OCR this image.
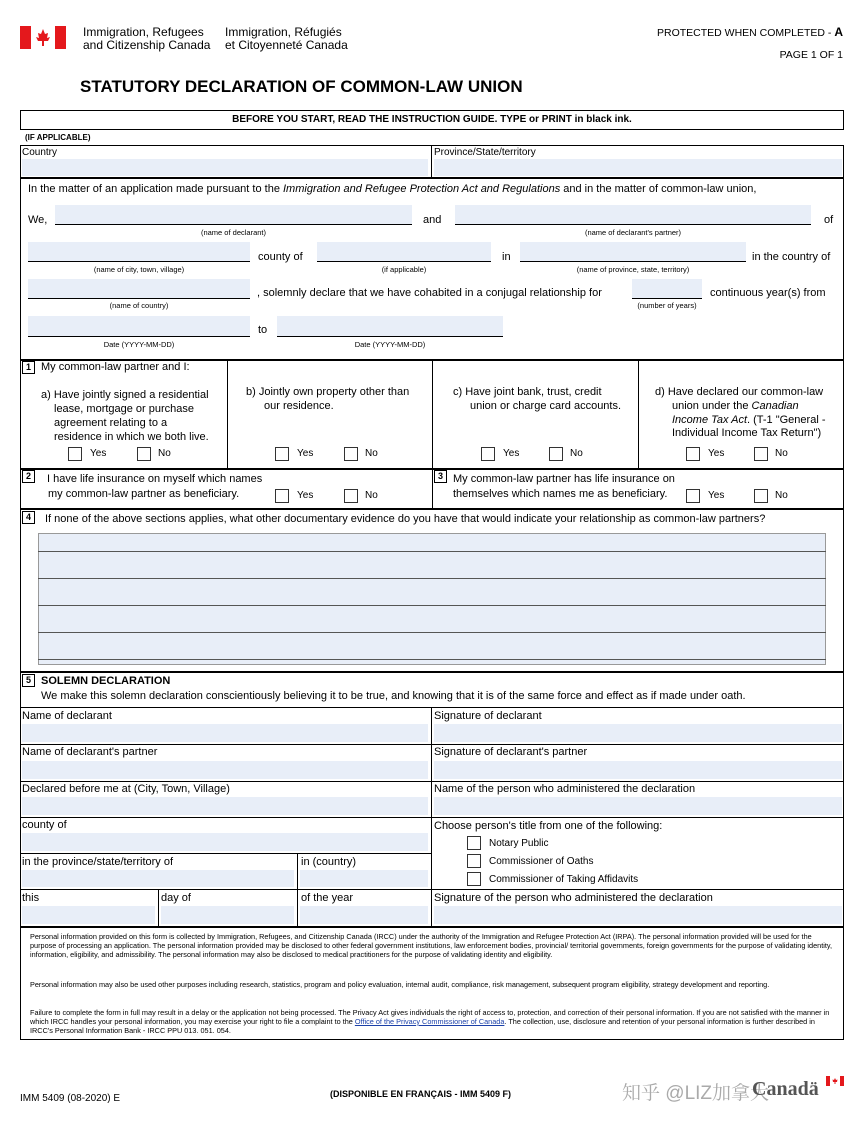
Immigration, Refugees
and Citizenship Canada
Immigration, Réfugiés
et Citoyenneté Canada
PROTECTED WHEN COMPLETED - A
PAGE 1 OF 1
STATUTORY DECLARATION OF COMMON-LAW UNION
BEFORE YOU START, READ THE INSTRUCTION GUIDE. TYPE or PRINT in black ink.
(IF APPLICABLE)
Country	Province/State/territory
In the matter of an application made pursuant to the Immigration and Refugee Protection Act and Regulations and in the matter of common-law union,
We,
(name of declarant)
and
(name of declarant's partner)
of
(name of city, town, village)
county of
(if applicable)
in
(name of province, state, territory)
in the country of
(name of country)
, solemnly declare that we have cohabited in a conjugal relationship for
(number of years)
continuous year(s) from
Date (YYYY-MM-DD)
to
Date (YYYY-MM-DD)
1 My common-law partner and I:
a) Have jointly signed a residential
lease, mortgage or purchase
agreement relating to a
residence in which we both live.
Yes	No
b) Jointly own property other than
our residence.
Yes	No
c) Have joint bank, trust, credit
union or charge card accounts.
Yes	No
d) Have declared our common-law
union under the Canadian
Income Tax Act. (T-1 "General -
Individual Income Tax Return")
Yes	No
2	I have life insurance on myself which names
my common-law partner as beneficiary.	Yes	No
3 My common-law partner has life insurance on
themselves which names me as beneficiary.	Yes	No
4	If none of the above sections applies, what other documentary evidence do you have that would indicate your relationship as common-law partners?
5 SOLEMN DECLARATION
We make this solemn declaration conscientiously believing it to be true, and knowing that it is of the same force and effect as if made under oath.
Name of declarant	Signature of declarant
Name of declarant's partner	Signature of declarant's partner
Declared before me at (City, Town, Village)	Name of the person who administered the declaration
county of	Choose person's title from one of the following:
Notary Public
Commissioner of Oaths
Commissioner of Taking Affidavits
in the province/state/territory of	in (country)
this	day of	of the year	Signature of the person who administered the declaration
Personal information provided on this form is collected by Immigration, Refugees, and Citizenship Canada (IRCC) under the authority of the Immigration and Refugee Protection Act (IRPA). The personal information provided will be used for the purpose of processing an application. The personal information provided may be disclosed to other federal government institutions, law enforcement bodies, provincial/ territorial governments, foreign governments for the purpose of validating identity, information, eligibility, and admissibility. The personal information may also be disclosed to medical practitioners for the purpose of validating identity and eligibility.
Personal information may also be used other purposes including research, statistics, program and policy evaluation, internal audit, compliance, risk management, subsequent program eligibility, strategy development and reporting.
Failure to complete the form in full may result in a delay or the application not being processed. The Privacy Act gives individuals the right of access to, protection, and correction of their personal information. If you are not satisfied with the manner in which IRCC handles your personal information, you may exercise your right to file a complaint to the Office of the Privacy Commissioner of Canada. The collection, use, disclosure and retention of your personal information is further described in IRCC's Personal Information Bank - IRCC PPU 013. 051. 054.
IMM 5409 (08-2020) E	(DISPONIBLE EN FRANÇAIS - IMM 5409 F)	知乎 @LIZ加拿大
Canadä
